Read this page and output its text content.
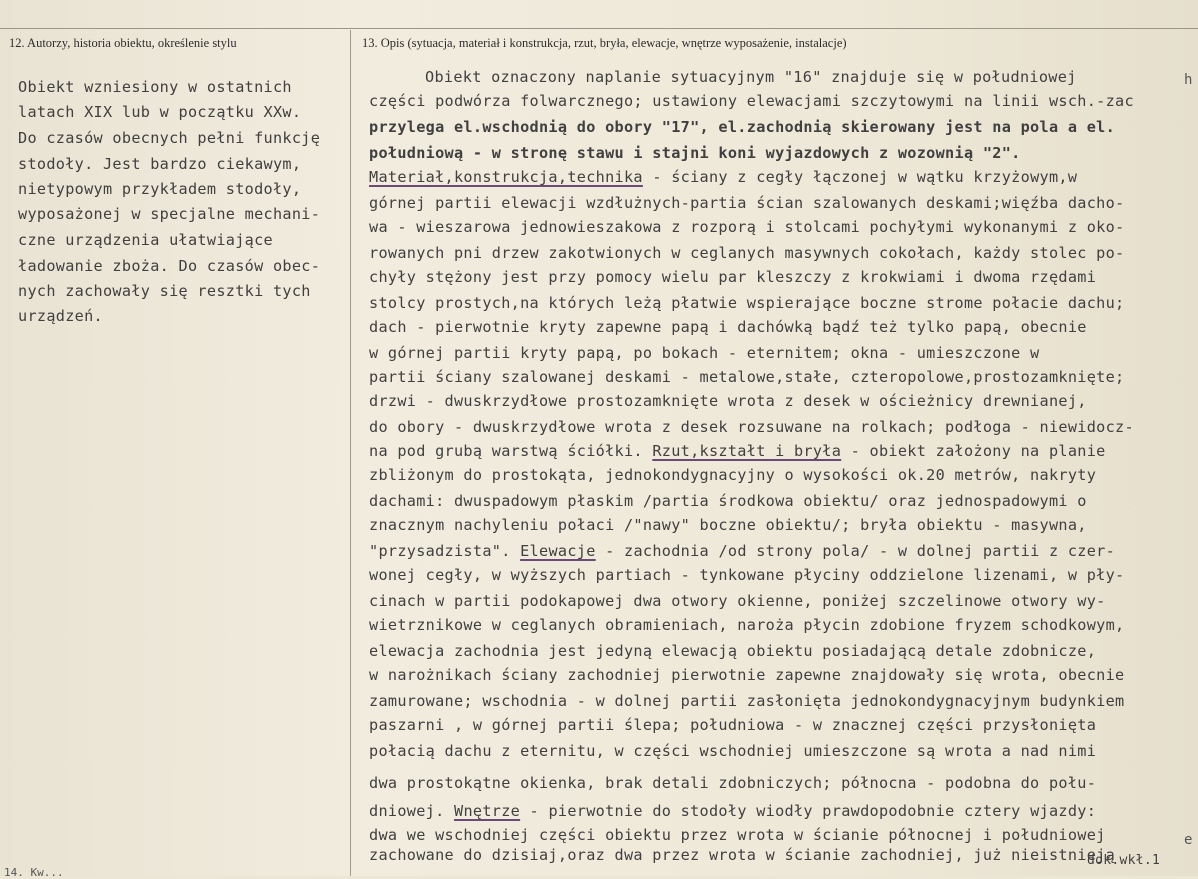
12. Autorzy, historia obiektu, określenie stylu	13. Opis (sytuacja, materiał i konstrukcja, rzut, bryła, elewacje, wnętrze wyposażenie, instalacje)
Obiekt wzniesiony w ostatnich
latach XIX lub w początku XXw.
Do czasów obecnych pełni funkcję
stodoły. Jest bardzo ciekawym,
nietypowym przykładem stodoły,
wyposażonej w specjalne mechani-
czne urządzenia ułatwiające
ładowanie zboża. Do czasów obec-
nych zachowały się resztki tych
urządzeń.
Obiekt oznaczony naplanie sytuacyjnym "16" znajduje się w południowej
części podwórza folwarcznego; ustawiony elewacjami szczytowymi na linii wsch.-zac
przylega el.wschodnią do obory "17", el.zachodnią skierowany jest na pola a el.
południową - w stronę stawu i stajni koni wyjazdowych z wozownią "2".
Materiał,konstrukcja,technika - ściany z cegły łączonej w wątku krzyżowym,w
górnej partii elewacji wzdłużnych-partia ścian szalowanych deskami;więźba dacho-
wa - wieszarowa jednowieszakowa z rozporą i stolcami pochyłymi wykonanymi z oko-
rowanych pni drzew zakotwionych w ceglanych masywnych cokołach, każdy stolec po-
chyły stężony jest przy pomocy wielu par kleszczy z krokwiami i dwoma rzędami
stolcy prostych,na których leżą płatwie wspierające boczne strome połacie dachu;
dach - pierwotnie kryty zapewne papą i dachówką bądź też tylko papą, obecnie
w górnej partii kryty papą, po bokach - eternitem; okna - umieszczone w
partii ściany szalowanej deskami - metalowe,stałe, czteropolowe,prostozamknięte;
drzwi - dwuskrzydłowe prostozamknięte wrota z desek w ościeżnicy drewnianej,
do obory - dwuskrzydłowe wrota z desek rozsuwane na rolkach; podłoga - niewidocz-
na pod grubą warstwą ściółki. Rzut,kształt i bryła - obiekt założony na planie
zbliżonym do prostokąta, jednokondygnacyjny o wysokości ok.20 metrów, nakryty
dachami: dwuspadowym płaskim /partia środkowa obiektu/ oraz jednospadowymi o
znacznym nachyleniu połaci /"nawy" boczne obiektu/; bryła obiektu - masywna,
"przysadzista". Elewacje - zachodnia /od strony pola/ - w dolnej partii z czer-
wonej cegły, w wyższych partiach - tynkowane płyciny oddzielone lizenami, w pły-
cinach w partii podokapowej dwa otwory okienne, poniżej szczelinowe otwory wy-
wietrznikowe w ceglanych obramieniach, naroża płycin zdobione fryzem schodkowym,
elewacja zachodnia jest jedyną elewacją obiektu posiadającą detale zdobnicze,
w narożnikach ściany zachodniej pierwotnie zapewne znajdowały się wrota, obecnie
zamurowane; wschodnia - w dolnej partii zasłonięta jednokondygnacyjnym budynkiem
paszarni , w górnej partii ślepa; południowa - w znacznej części przysłonięta
połacią dachu z eternitu, w części wschodniej umieszczone są wrota a nad nimi
dwa prostokątne okienka, brak detali zdobniczych; północna - podobna do połu-
dniowej. Wnętrze - pierwotnie do stodoły wiodły prawdopodobnie cztery wjazdy:
dwa we wschodniej części obiektu przez wrota w ścianie północnej i południowej
zachowane do dzisiaj,oraz dwa przez wrota w ścianie zachodniej, już nieistnieją
dok.wkł.1
14. Kw...
h
e
